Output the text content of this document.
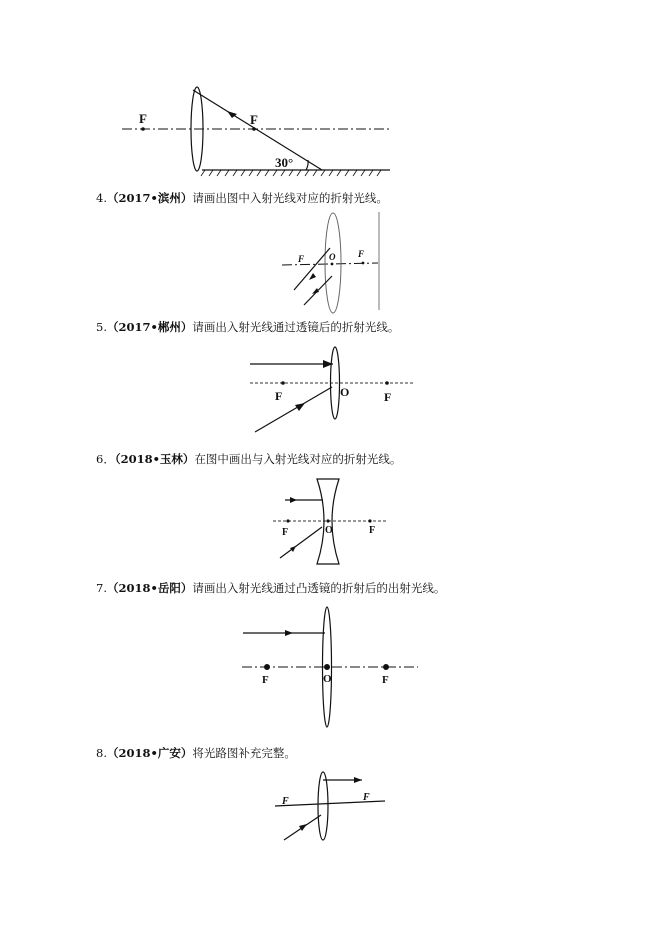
F	F
30°
4.（2017•滨州）请画出图中入射光线对应的折射光线。
F	O	F
5.（2017•郴州）请画出入射光线通过透镜后的折射光线。
F	O	F
6．（2018•玉林）在图中画出与入射光线对应的折射光线。
F	O	F
7.（2018•岳阳）请画出入射光线通过凸透镜的折射后的出射光线。
F	O	F
8.（2018•广安）将光路图补充完整。
F	F
